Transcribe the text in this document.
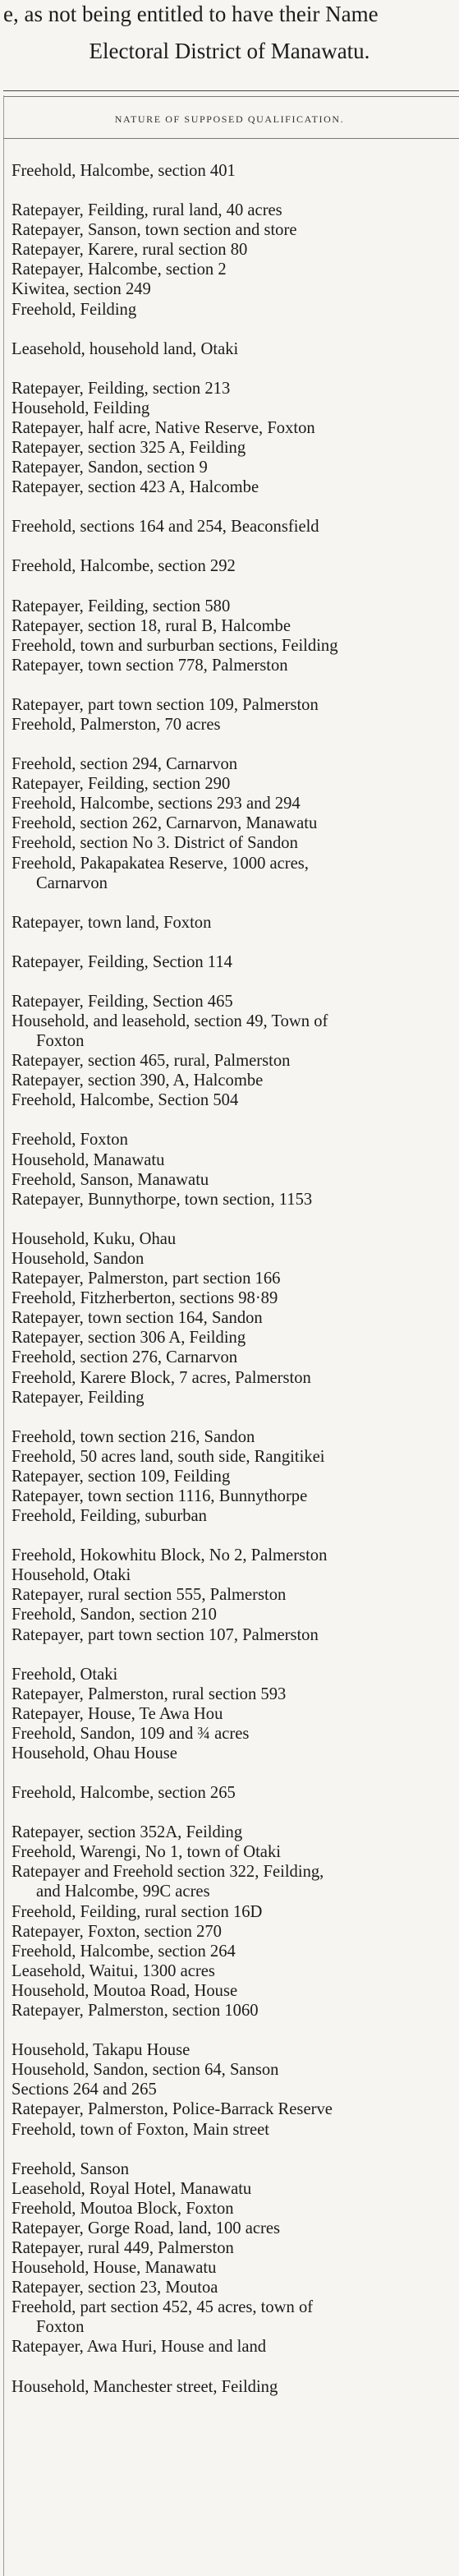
e, as not being entitled to have their Name
Electoral District of Manawatu.
NATURE OF SUPPOSED QUALIFICATION.
Freehold, Halcombe, section 401
Ratepayer, Feilding, rural land, 40 acres
Ratepayer, Sanson, town section and store
Ratepayer, Karere, rural section 80
Ratepayer, Halcombe, section 2
Kiwitea, section 249
Freehold, Feilding
Leasehold, household land, Otaki
Ratepayer, Feilding, section 213
Household, Feilding
Ratepayer, half acre, Native Reserve, Foxton
Ratepayer, section 325 A, Feilding
Ratepayer, Sandon, section 9
Ratepayer, section 423 A, Halcombe
Freehold, sections 164 and 254, Beaconsfield
Freehold, Halcombe, section 292
Ratepayer, Feilding, section 580
Ratepayer, section 18, rural B, Halcombe
Freehold, town and surburban sections, Feilding
Ratepayer, town section 778, Palmerston
Ratepayer, part town section 109, Palmerston
Freehold, Palmerston, 70 acres
Freehold, section 294, Carnarvon
Ratepayer, Feilding, section 290
Freehold, Halcombe, sections 293 and 294
Freehold, section 262, Carnarvon, Manawatu
Freehold, section No 3. District of Sandon
Freehold, Pakapakatea Reserve, 1000 acres,
Carnarvon
Ratepayer, town land, Foxton
Ratepayer, Feilding, Section 114
Ratepayer, Feilding, Section 465
Household, and leasehold, section 49, Town of
Foxton
Ratepayer, section 465, rural, Palmerston
Ratepayer, section 390, A, Halcombe
Freehold, Halcombe, Section 504
Freehold, Foxton
Household, Manawatu
Freehold, Sanson, Manawatu
Ratepayer, Bunnythorpe, town section, 1153
Household, Kuku, Ohau
Household, Sandon
Ratepayer, Palmerston, part section 166
Freehold, Fitzherberton, sections 98·89
Ratepayer, town section 164, Sandon
Ratepayer, section 306 A, Feilding
Freehold, section 276, Carnarvon
Freehold, Karere Block, 7 acres, Palmerston
Ratepayer, Feilding
Freehold, town section 216, Sandon
Freehold, 50 acres land, south side, Rangitikei
Ratepayer, section 109, Feilding
Ratepayer, town section 1116, Bunnythorpe
Freehold, Feilding, suburban
Freehold, Hokowhitu Block, No 2, Palmerston
Household, Otaki
Ratepayer, rural section 555, Palmerston
Freehold, Sandon, section 210
Ratepayer, part town section 107, Palmerston
Freehold, Otaki
Ratepayer, Palmerston, rural section 593
Ratepayer, House, Te Awa Hou
Freehold, Sandon, 109 and ¾ acres
Household, Ohau House
Freehold, Halcombe, section 265
Ratepayer, section 352A, Feilding
Freehold, Warengi, No 1, town of Otaki
Ratepayer and Freehold section 322, Feilding,
and Halcombe, 99C acres
Freehold, Feilding, rural section 16D
Ratepayer, Foxton, section 270
Freehold, Halcombe, section 264
Leasehold, Waitui, 1300 acres
Household, Moutoa Road, House
Ratepayer, Palmerston, section 1060
Household, Takapu House
Household, Sandon, section 64, Sanson
Sections 264 and 265
Ratepayer, Palmerston, Police-Barrack Reserve
Freehold, town of Foxton, Main street
Freehold, Sanson
Leasehold, Royal Hotel, Manawatu
Freehold, Moutoa Block, Foxton
Ratepayer, Gorge Road, land, 100 acres
Ratepayer, rural 449, Palmerston
Household, House, Manawatu
Ratepayer, section 23, Moutoa
Freehold, part section 452, 45 acres, town of
Foxton
Ratepayer, Awa Huri, House and land
Household, Manchester street, Feilding
